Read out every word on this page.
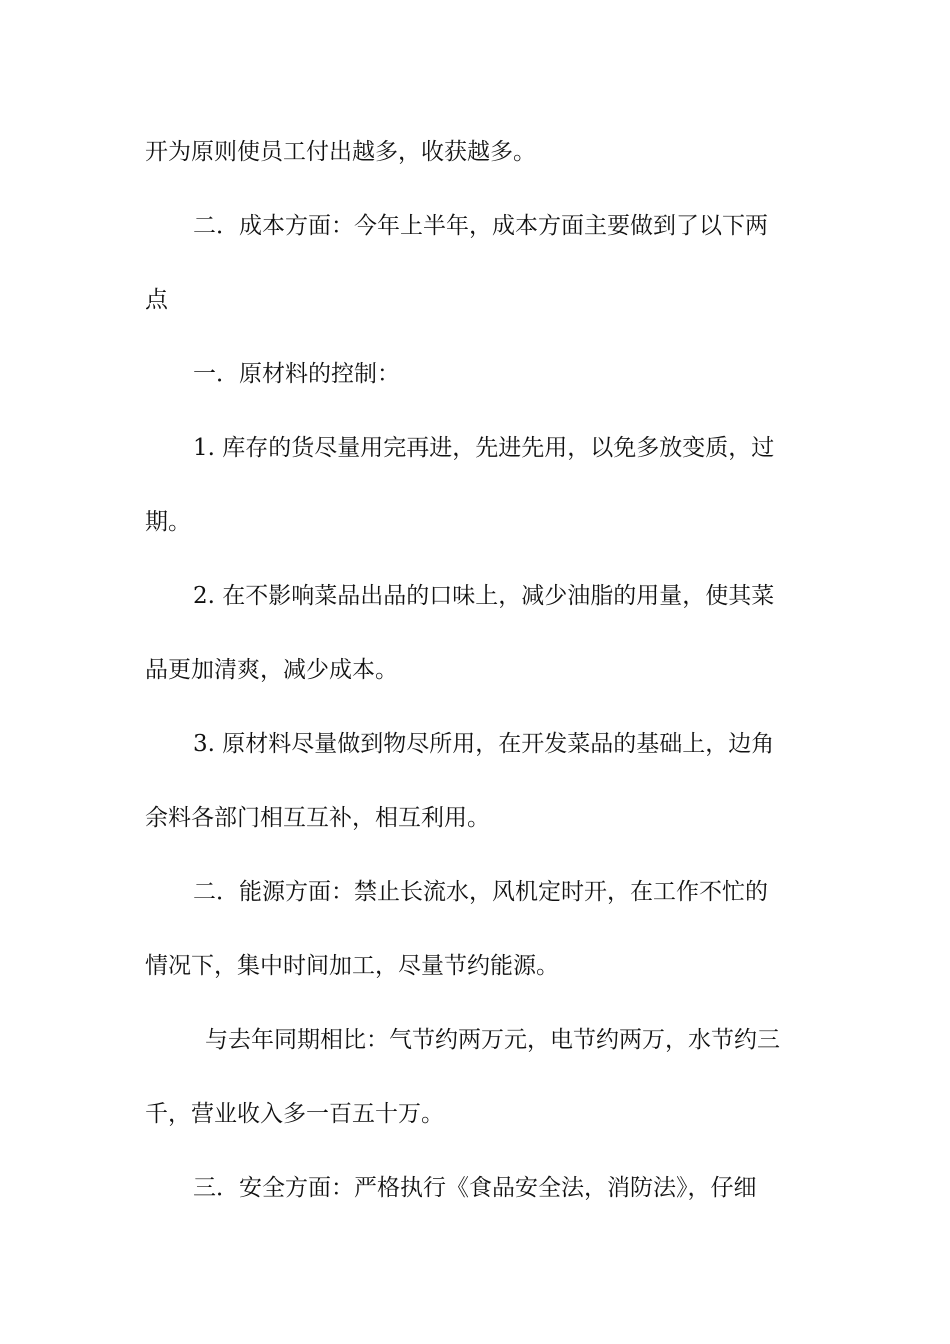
开为原则使员工付出越多，收获越多。
二．成本方面：今年上半年，成本方面主要做到了以下两
点
一．原材料的控制：
1. 库存的货尽量用完再进，先进先用，以免多放变质，过
期。
2. 在不影响菜品出品的口味上，减少油脂的用量，使其菜
品更加清爽，减少成本。
3. 原材料尽量做到物尽所用，在开发菜品的基础上，边角
余料各部门相互互补，相互利用。
二．能源方面：禁止长流水，风机定时开，在工作不忙的
情况下，集中时间加工，尽量节约能源。
与去年同期相比：气节约两万元，电节约两万，水节约三
千，营业收入多一百五十万。
三．安全方面：严格执行《食品安全法，消防法》，仔细
